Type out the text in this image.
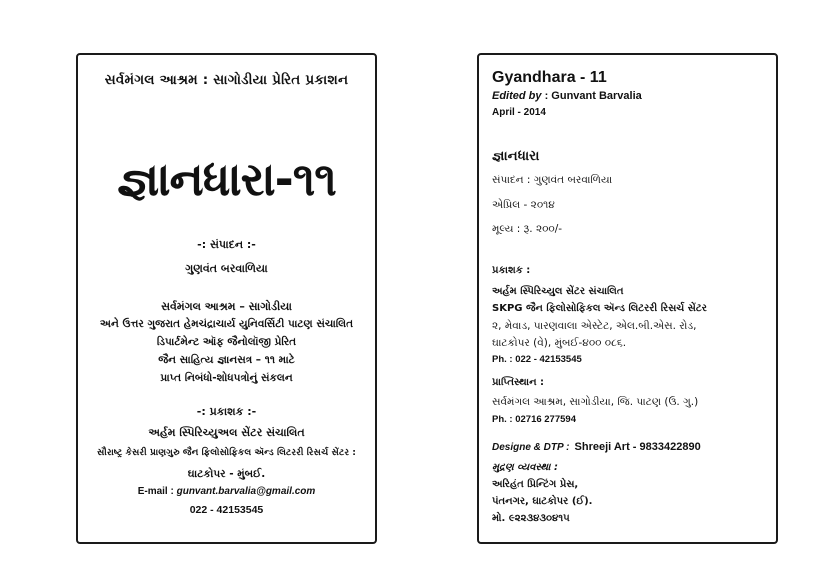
સર્વમંગલ આશ્રમ : સાગોડીયા પ્રેરિત પ્રકાશન
જ્ઞાનધારા-૧૧
-: સંપાદન :-
ગુણવંત બરવાળિયા
સર્વમંગલ આશ્રમ – સાગોડીયા
અને ઉત્તર ગુજરાત હેમચંદ્રાચાર્ય યુનિવર્સિટી પાટણ સંચાલિત
ડિપાર્ટમેન્ટ ઑફ જૈનોલૉજી પ્રેરિત
જૈન સાહિત્ય જ્ઞાનસત્ર – ૧૧ માટે
પ્રાપ્ત નિબંધો-શોધપત્રોનું સંકલન
-: પ્રકાશક :-
અર્હમ સ્પિરિચ્યુઅલ સેંટર સંચાલિત
સૌરાષ્ટ્ર કેસરી પ્રાણગુરુ જૈન ફિલોસોફિકલ ઍન્ડ લિટરરી રિસર્ચ સેંટર :
ઘાટકોપર - મુંબઈ.
E-mail : gunvant.barvalia@gmail.com
022 - 42153545
Gyandhara - 11
Edited by : Gunvant Barvalia
April - 2014
જ્ઞાનધારા
સંપાદન : ગુણવંત બરવાળિયા
એપ્રિલ - ૨૦૧૪
મૂલ્ય : રૂ. ૨૦૦/-
પ્રકાશક :
અર્હમ સ્પિરિચ્યુલ સેંટર સંચાલિત
SKPG જૈન ફિલોસોફિકલ ઍન્ડ લિટરરી રિસર્ચ સેંટર
૨, મેવાડ, પારણવાલા એસ્ટેટ, એલ.બી.એસ. રોડ,
ઘાટકોપર (વે), મુંબઈ-૪૦૦ ૦૮૬.
Ph. : 022 - 42153545
પ્રાપ્તિસ્થાન :
સર્વમંગલ આશ્રમ, સાગોડીયા, જિ. પાટણ (ઉ. ગુ.)
Ph. : 02716 277594
Designe & DTP : Shreeji Art - 9833422890
મુદ્રણ વ્યવસ્થા :
અરિહંત પ્રિન્ટિંગ પ્રેસ,
પંતનગર, ઘાટકોપર (ઈ).
મો. ૯૨૨૩૪૩૦૪૧૫
